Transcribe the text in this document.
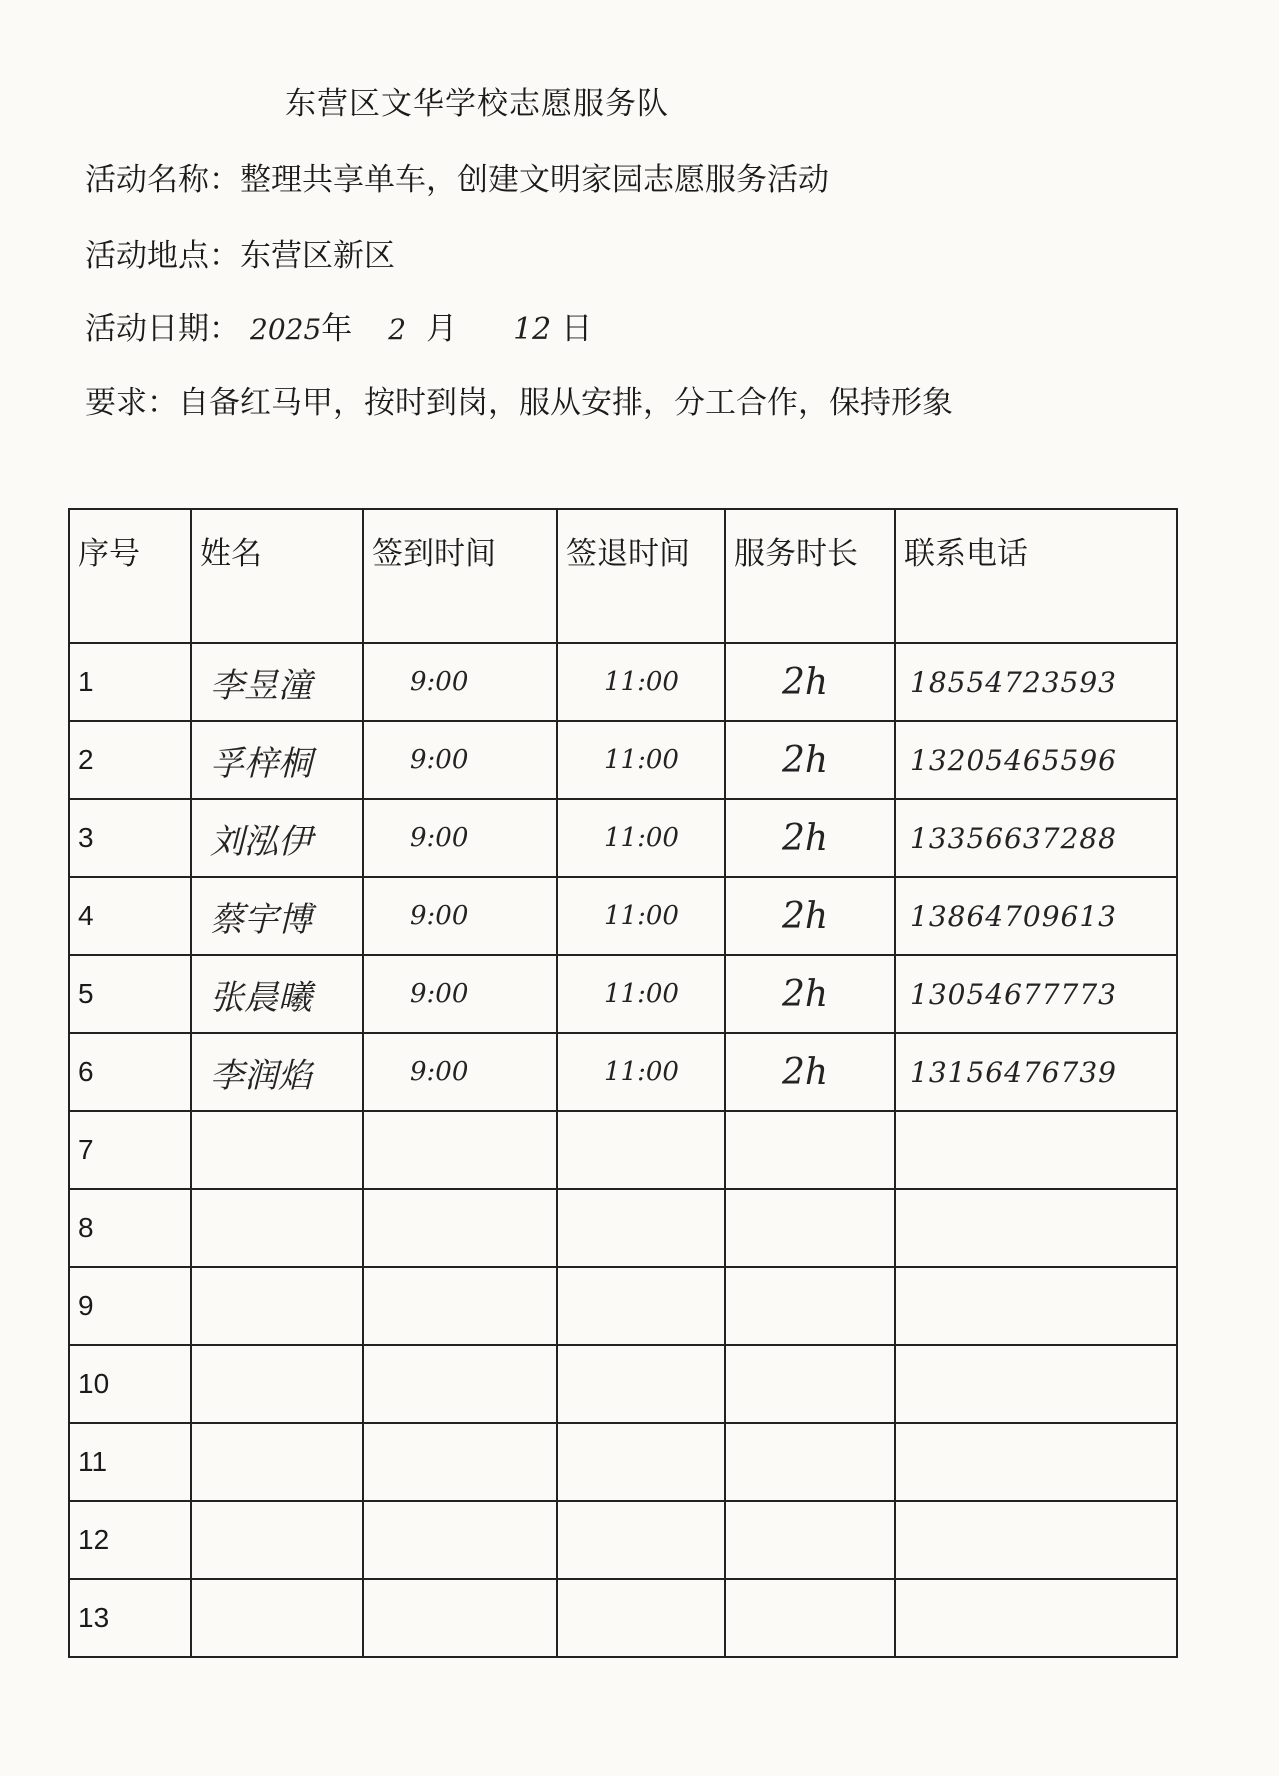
东营区文华学校志愿服务队
活动名称：整理共享单车，创建文明家园志愿服务活动
活动地点：东营区新区
活动日期： 2025年 2 月 12 日
要求：自备红马甲，按时到岗，服从安排，分工合作，保持形象
序号	姓名	签到时间	签退时间	服务时长	联系电话
1	李昱潼	9:00	11:00	2h	18554723593
2	孚梓桐	9:00	11:00	2h	13205465596
3	刘泓伊	9:00	11:00	2h	13356637288
4	蔡宇博	9:00	11:00	2h	13864709613
5	张晨曦	9:00	11:00	2h	13054677773
6	李润焰	9:00	11:00	2h	13156476739
7					
8					
9					
10					
11					
12					
13					
